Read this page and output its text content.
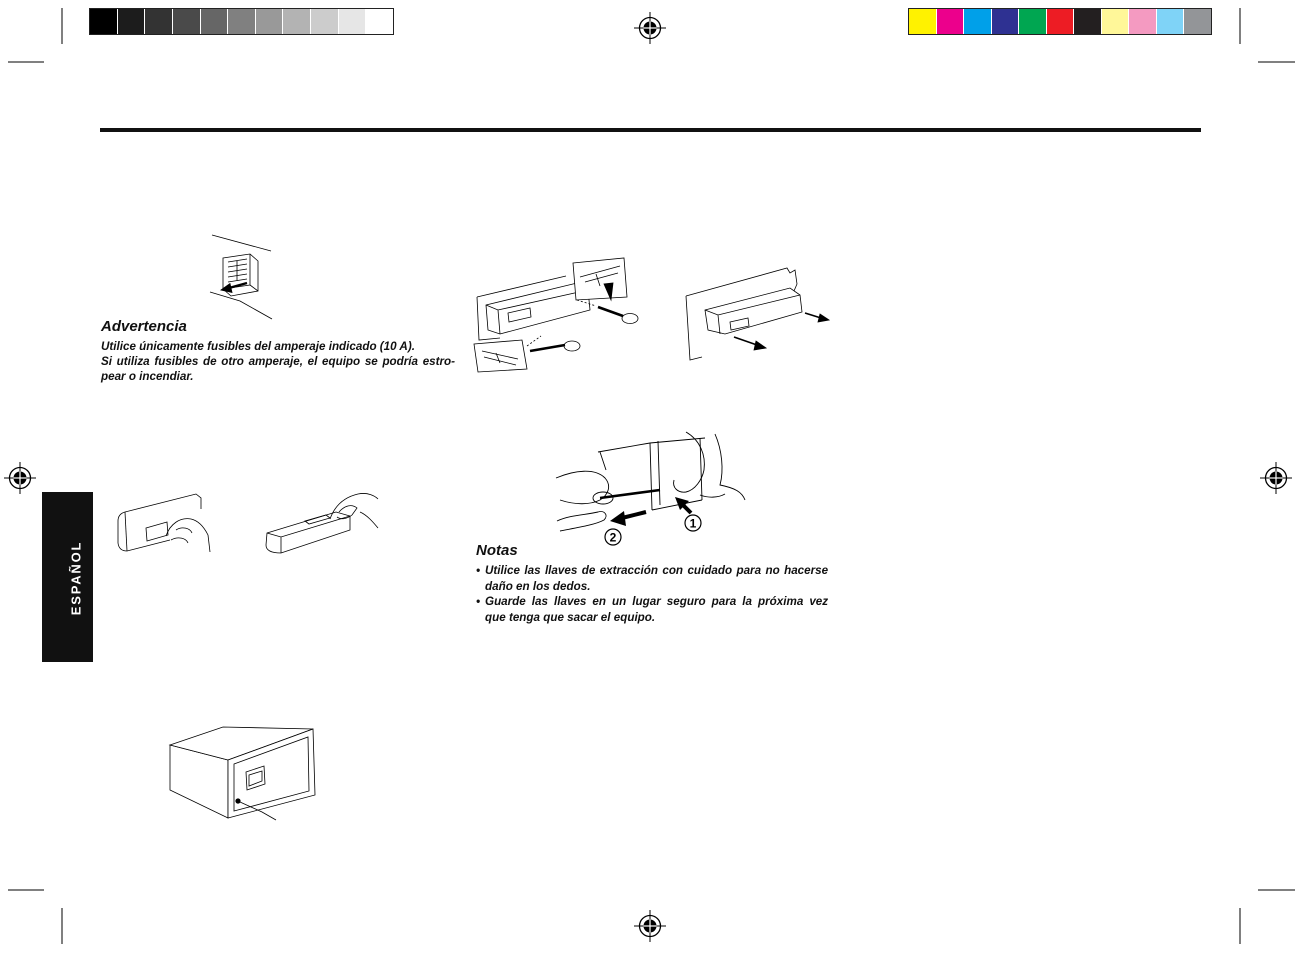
1
2
ESPAÑOL
Advertencia
Utilice únicamente fusibles del amperaje indicado (10 A).
Si utiliza fusibles de otro amperaje, el equipo se podría estro-
pear o incendiar.
Notas
• Utilice las llaves de extracción con cuidado para no hacerse
daño en los dedos.
• Guarde las llaves en un lugar seguro para la próxima vez
que tenga que sacar el equipo.
